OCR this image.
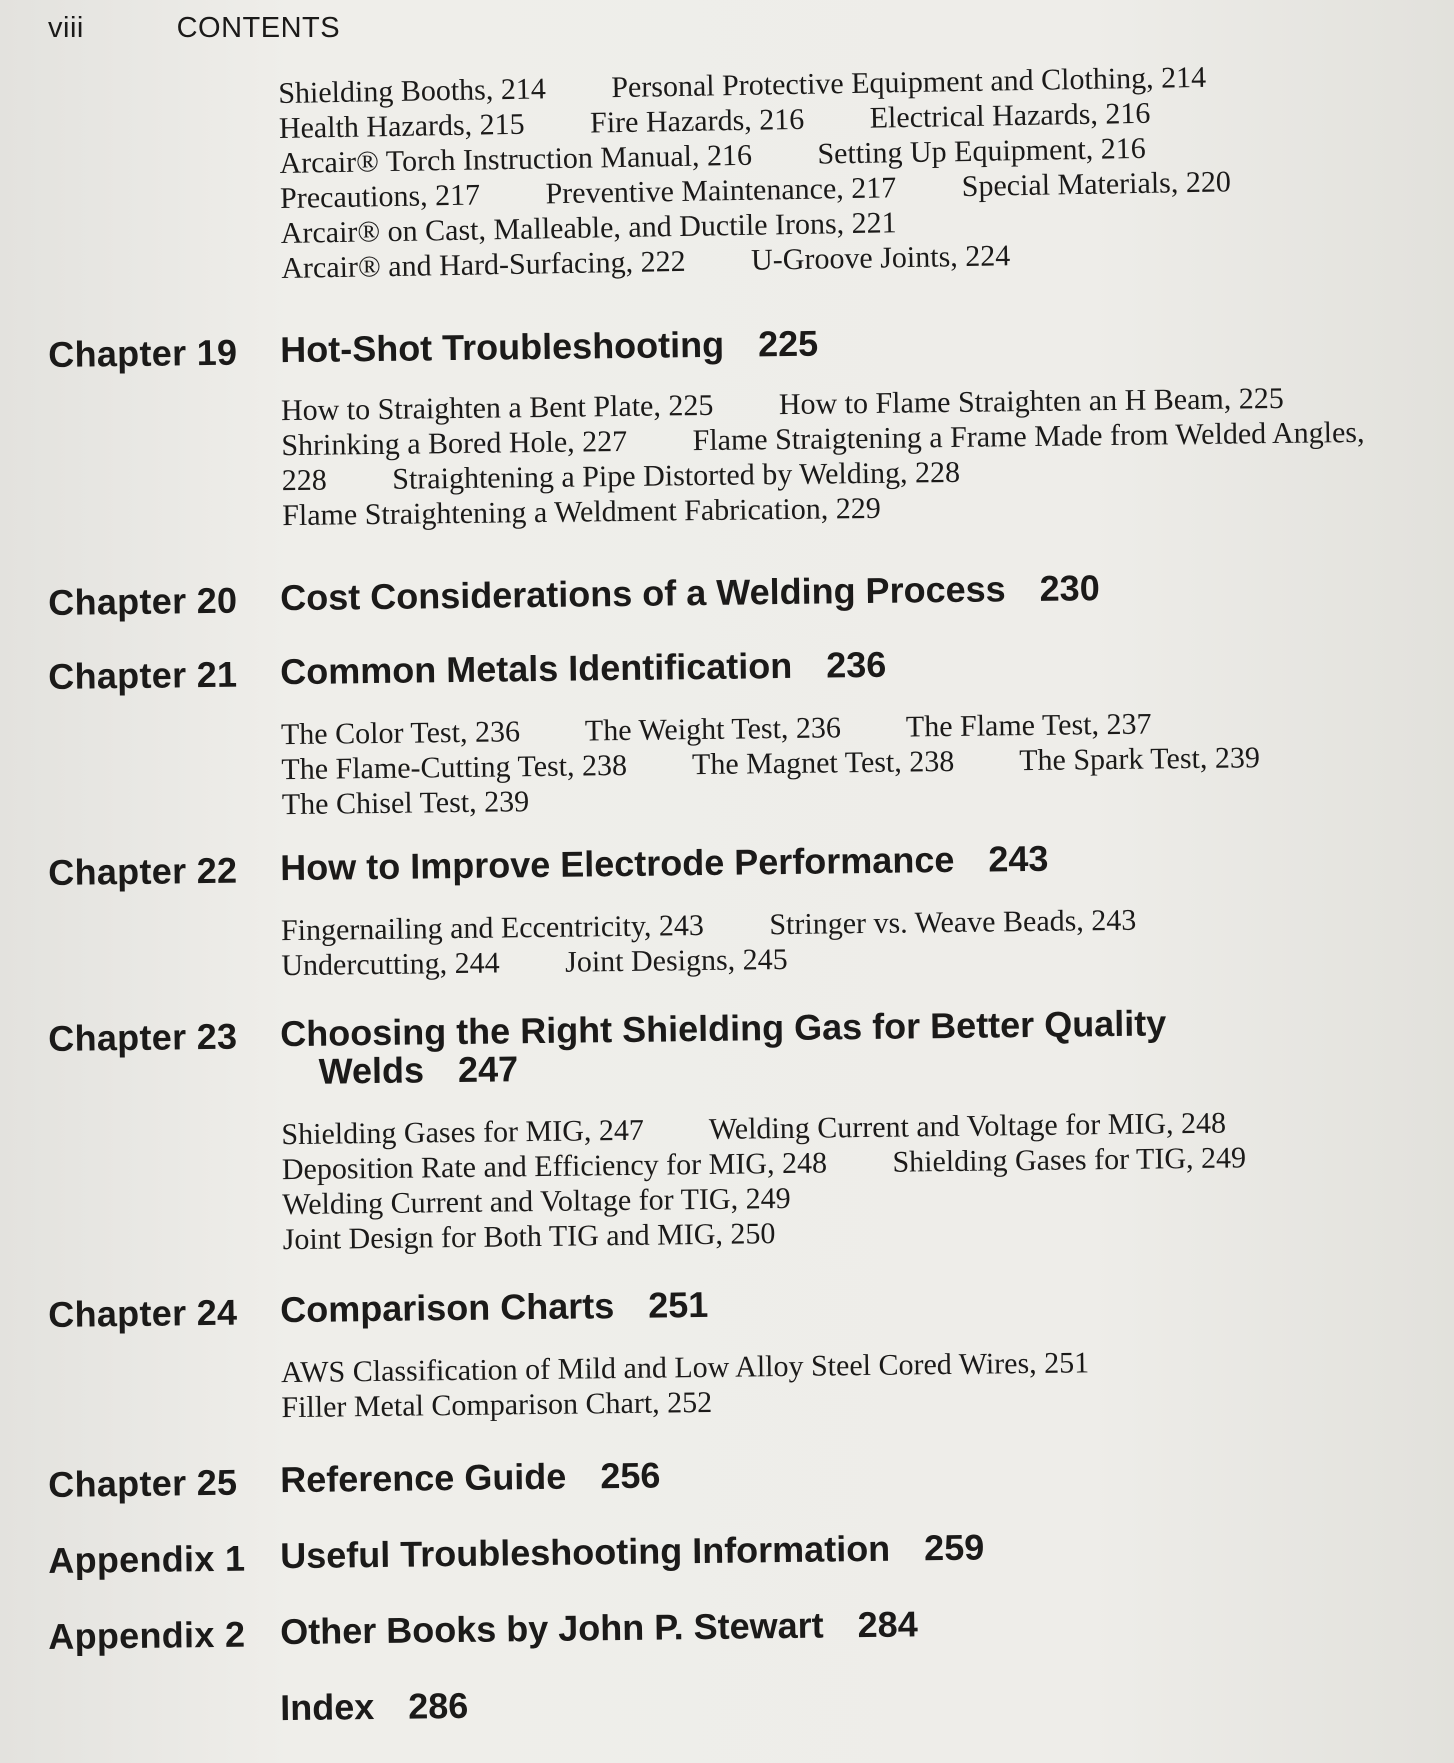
viii	CONTENTS
Shielding Booths, 214 Personal Protective Equipment and Clothing, 214 Health Hazards, 215 Fire Hazards, 216 Electrical Hazards, 216 Arcair® Torch Instruction Manual, 216 Setting Up Equipment, 216 Precautions, 217 Preventive Maintenance, 217 Special Materials, 220 Arcair® on Cast, Malleable, and Ductile Irons, 221 Arcair® and Hard-Surfacing, 222 U-Groove Joints, 224
Chapter 19 Hot-Shot Troubleshooting 225
How to Straighten a Bent Plate, 225 How to Flame Straighten an H Beam, 225 Shrinking a Bored Hole, 227 Flame Straigtening a Frame Made from Welded Angles, 228 Straightening a Pipe Distorted by Welding, 228 Flame Straightening a Weldment Fabrication, 229
Chapter 20 Cost Considerations of a Welding Process 230
Chapter 21 Common Metals Identification 236
The Color Test, 236 The Weight Test, 236 The Flame Test, 237 The Flame-Cutting Test, 238 The Magnet Test, 238 The Spark Test, 239 The Chisel Test, 239
Chapter 22 How to Improve Electrode Performance 243
Fingernailing and Eccentricity, 243 Stringer vs. Weave Beads, 243 Undercutting, 244 Joint Designs, 245
Chapter 23 Choosing the Right Shielding Gas for Better Quality
Welds 247
Shielding Gases for MIG, 247 Welding Current and Voltage for MIG, 248 Deposition Rate and Efficiency for MIG, 248 Shielding Gases for TIG, 249 Welding Current and Voltage for TIG, 249 Joint Design for Both TIG and MIG, 250
Chapter 24 Comparison Charts 251
AWS Classification of Mild and Low Alloy Steel Cored Wires, 251
Filler Metal Comparison Chart, 252
Chapter 25 Reference Guide 256
Appendix 1 Useful Troubleshooting Information 259
Appendix 2 Other Books by John P. Stewart 284
Index 286
